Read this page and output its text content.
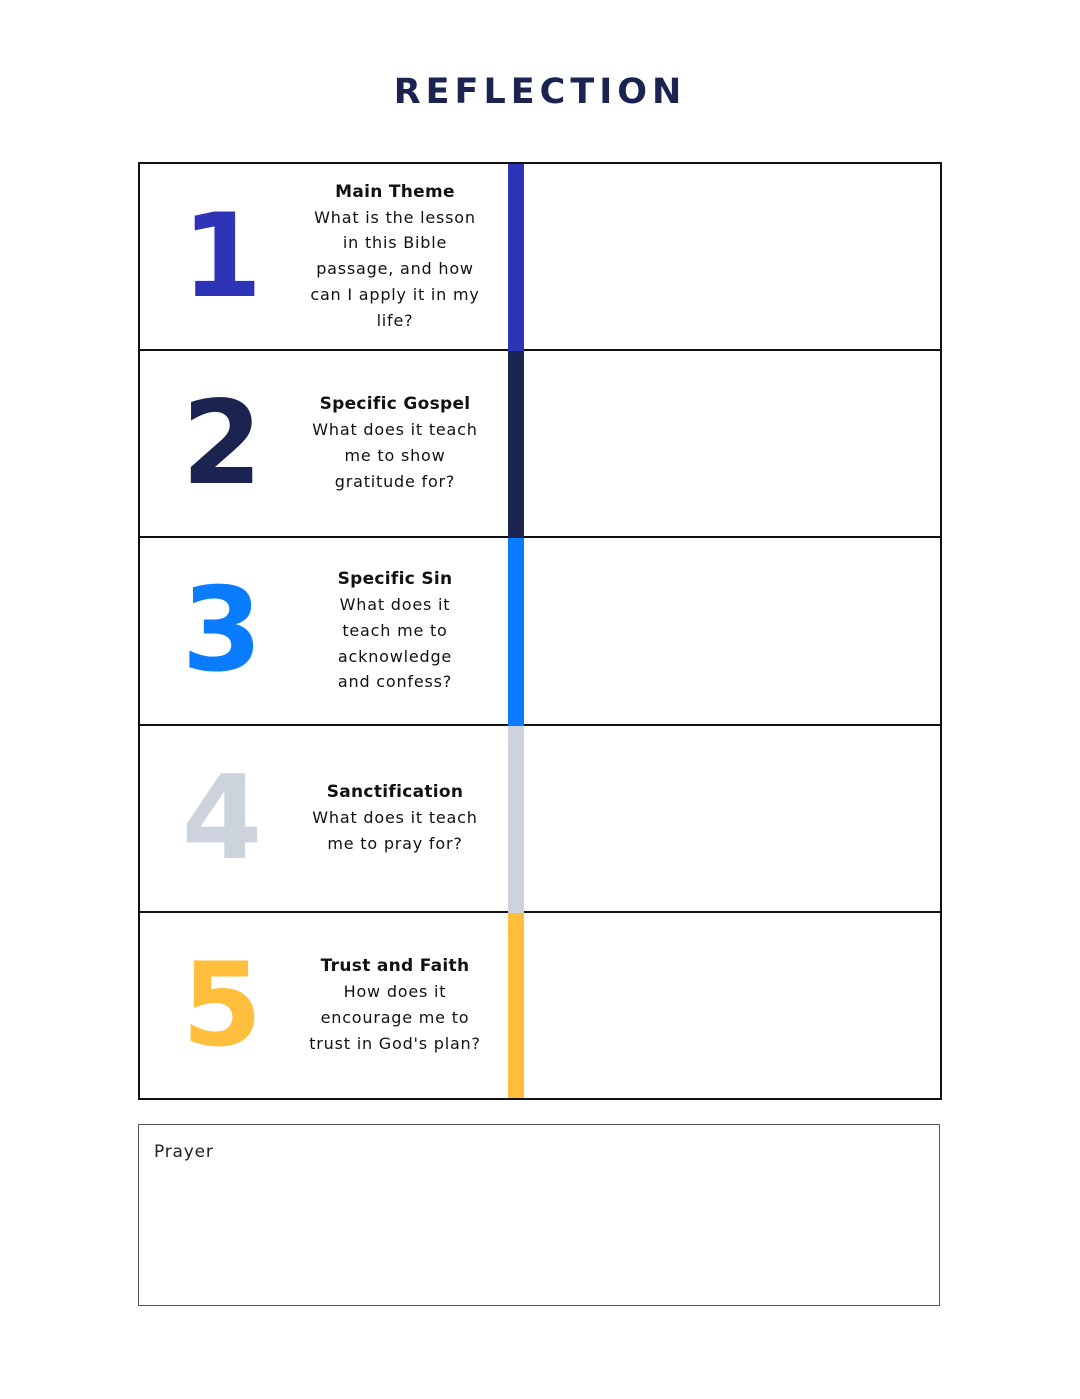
REFLECTION
1	Main Theme
What is the lesson
in this Bible
passage, and how
can I apply it in my
life?
2	Specific Gospel
What does it teach
me to show
gratitude for?
3	Specific Sin
What does it
teach me to
acknowledge
and confess?
4	Sanctification
What does it teach
me to pray for?
5	Trust and Faith
How does it
encourage me to
trust in God's plan?
Prayer
